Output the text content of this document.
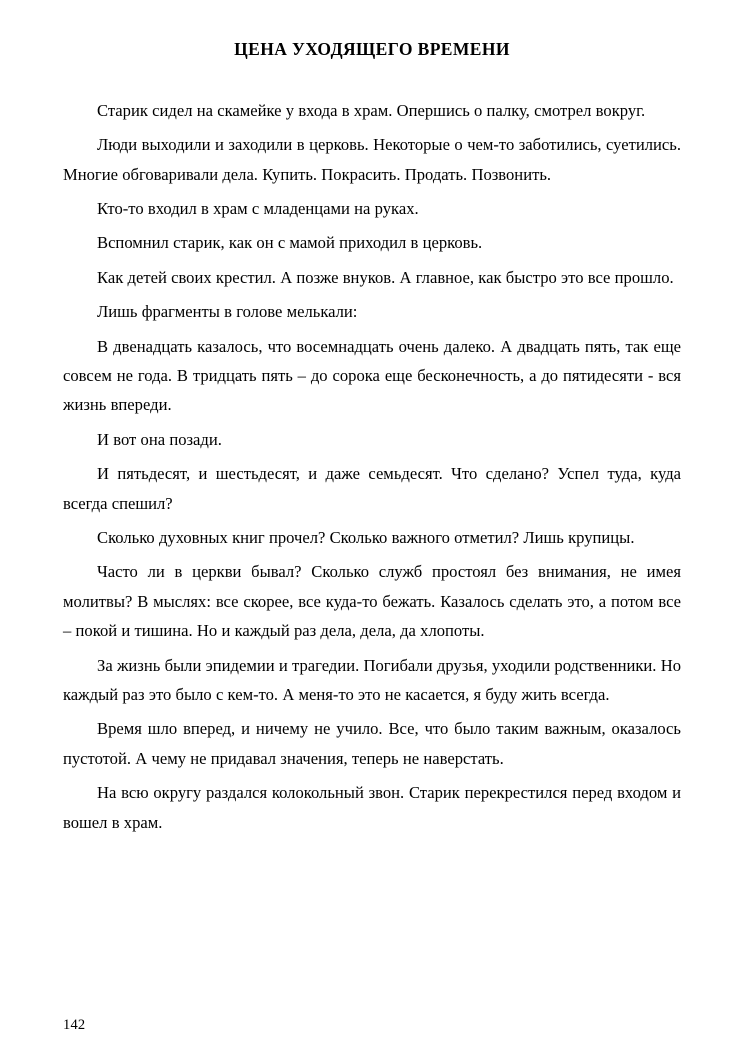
ЦЕНА УХОДЯЩЕГО ВРЕМЕНИ

Старик сидел на скамейке у входа в храм. Опершись о палку, смотрел вокруг.

Люди выходили и заходили в церковь. Некоторые о чем-то заботились, суетились. Многие обговаривали дела. Купить. Покрасить. Продать. Позвонить.

Кто-то входил в храм с младенцами на руках.

Вспомнил старик, как он с мамой приходил в церковь.

Как детей своих крестил. А позже внуков. А главное, как быстро это все прошло.

Лишь фрагменты в голове мелькали:

В двенадцать казалось, что восемнадцать очень далеко. А двадцать пять, так еще совсем не года. В тридцать пять – до сорока еще бесконечность, а до пятидесяти - вся жизнь впереди.

И вот она позади.

И пятьдесят, и шестьдесят, и даже семьдесят. Что сделано? Успел туда, куда всегда спешил?

Сколько духовных книг прочел? Сколько важного отметил? Лишь крупицы.

Часто ли в церкви бывал? Сколько служб простоял без внимания, не имея молитвы? В мыслях: все скорее, все куда-то бежать. Казалось сделать это, а потом все – покой и тишина. Но и каждый раз дела, дела, да хлопоты.

За жизнь были эпидемии и трагедии. Погибали друзья, уходили родственники. Но каждый раз это было с кем-то. А меня-то это не касается, я буду жить всегда.

Время шло вперед, и ничему не учило. Все, что было таким важным, оказалось пустотой. А чему не придавал значения, теперь не наверстать.

На всю округу раздался колокольный звон. Старик перекрестился перед входом и вошел в храм.

142
